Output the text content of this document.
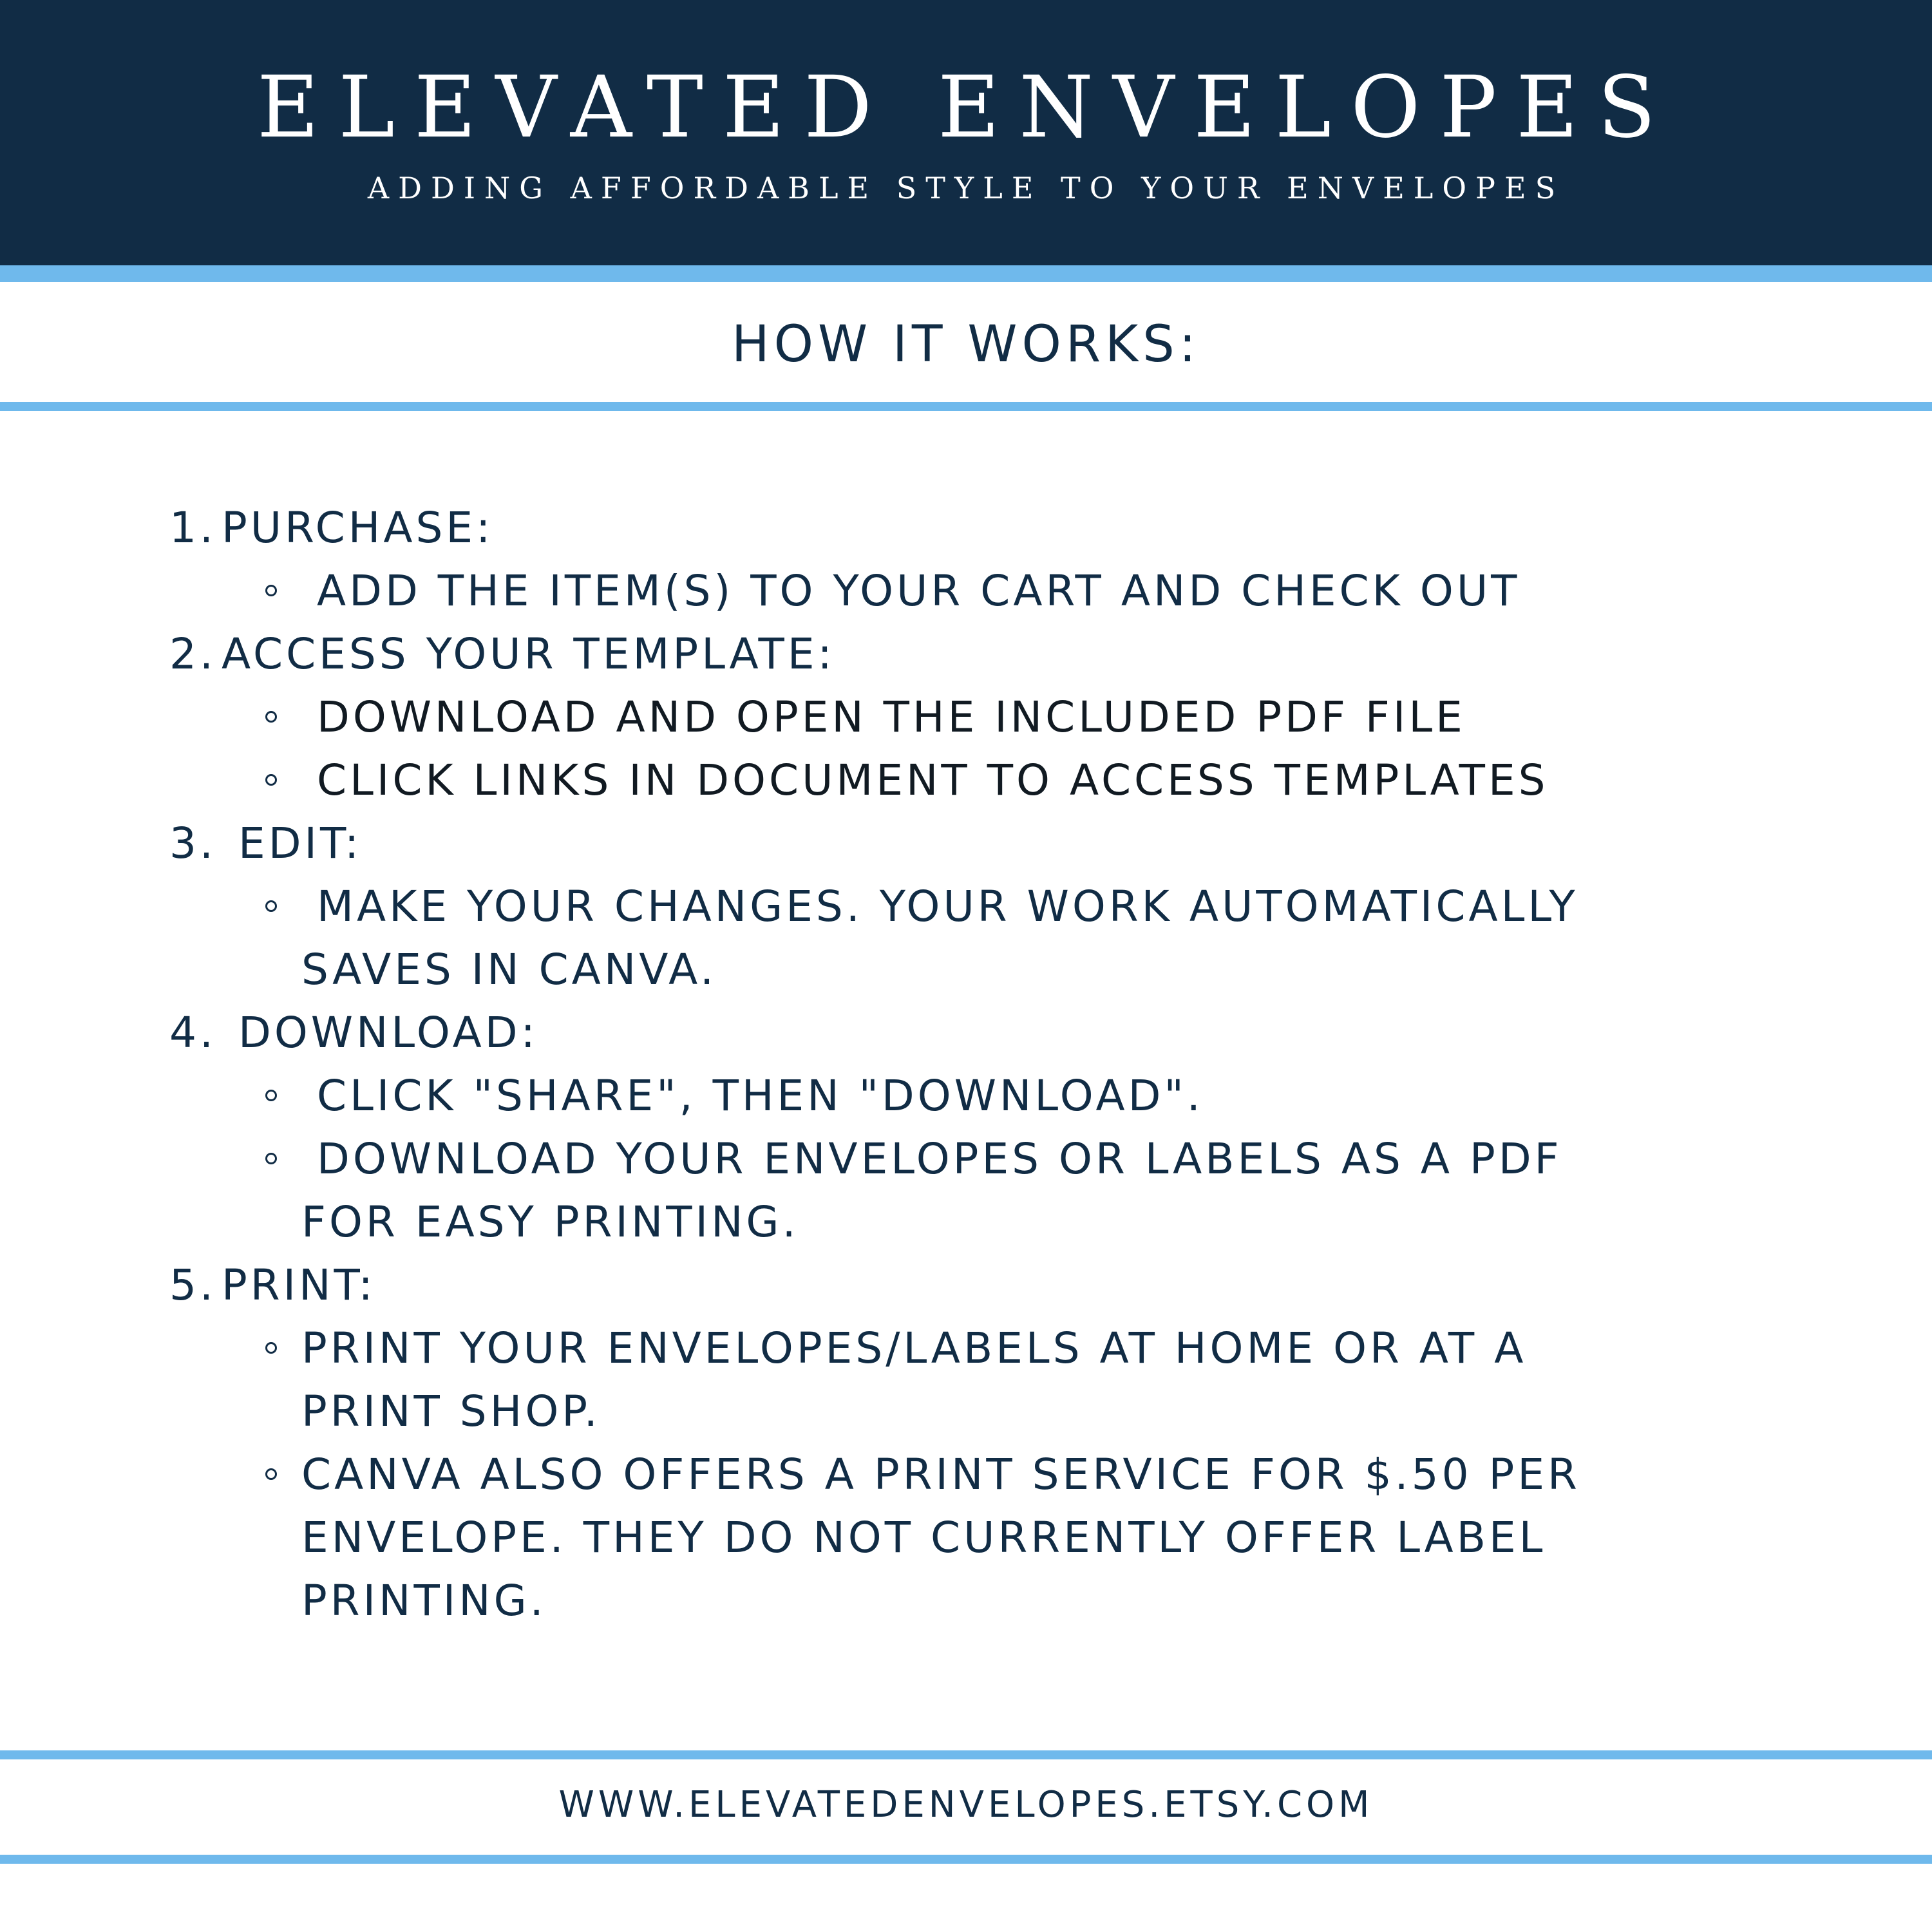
ELEVATED ENVELOPES
ADDING AFFORDABLE STYLE TO YOUR ENVELOPES
HOW IT WORKS:
1. PURCHASE:
ADD THE ITEM(S) TO YOUR CART AND CHECK OUT
2. ACCESS YOUR TEMPLATE:
DOWNLOAD AND OPEN THE INCLUDED PDF FILE
CLICK LINKS IN DOCUMENT TO ACCESS TEMPLATES
3. EDIT:
MAKE YOUR CHANGES. YOUR WORK AUTOMATICALLY
SAVES IN CANVA.
4. DOWNLOAD:
CLICK "SHARE", THEN "DOWNLOAD".
DOWNLOAD YOUR ENVELOPES OR LABELS AS A PDF
FOR EASY PRINTING.
5. PRINT:
PRINT YOUR ENVELOPES/LABELS AT HOME OR AT A
PRINT SHOP.
CANVA ALSO OFFERS A PRINT SERVICE FOR $.50 PER
ENVELOPE. THEY DO NOT CURRENTLY OFFER LABEL
PRINTING.
WWW.ELEVATEDENVELOPES.ETSY.COM
